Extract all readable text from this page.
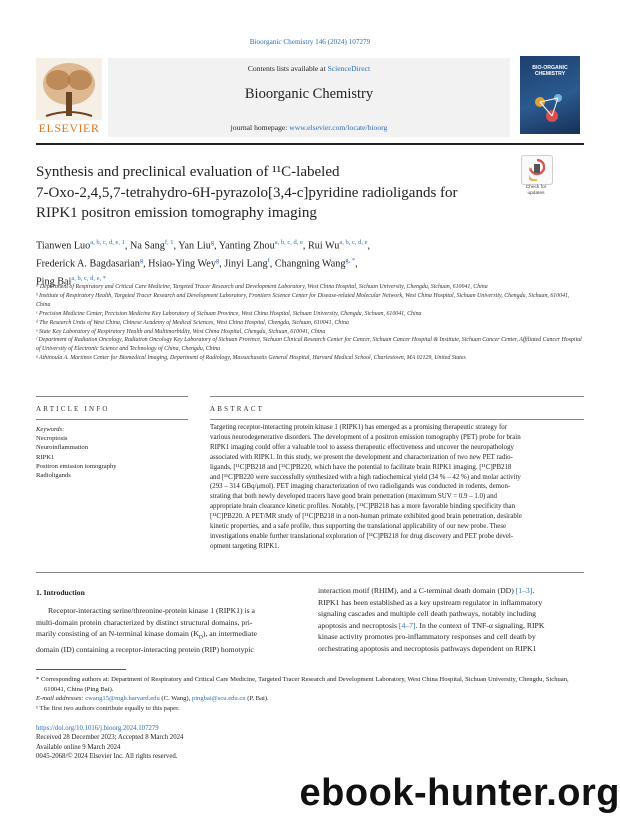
Bioorganic Chemistry 146 (2024) 107279
Contents lists available at ScienceDirect
Bioorganic Chemistry
journal homepage: www.elsevier.com/locate/bioorg
ELSEVIER
BIO-ORGANIC CHEMISTRY
Check for
updates
Synthesis and preclinical evaluation of ¹¹C-labeled
7-Oxo-2,4,5,7-tetrahydro-6H-pyrazolo[3,4-c]pyridine radioligands for
RIPK1 positron emission tomography imaging
Tianwen Luo$^{a, b, c, d, e, 1}$, Na Sang$^{f, 1}$, Yan Liu$^g$, Yanting Zhou$^{a, b, c, d, e}$, Rui Wu$^{a, b, c, d, e}$,
Frederick A. Bagdasarian$^g$, Hsiao-Ying Wey$^g$, Jinyi Lang$^f$, Changning Wang$^{g, *}$,
Ping Bai$^{a, b, c, d, e, *}$
ᵃ Department of Respiratory and Critical Care Medicine, Targeted Tracer Research and Development Laboratory, West China Hospital, Sichuan University, Chengdu, Sichuan, 610041, China
ᵇ Institute of Respiratory Health, Targeted Tracer Research and Development Laboratory, Frontiers Science Center for Disease-related Molecular Network, West China Hospital, Sichuan University, Chengdu, Sichuan, 610041, China
ᶜ Precision Medicine Center, Precision Medicine Key Laboratory of Sichuan Province, West China Hospital, Sichuan University, Chengdu, Sichuan, 610041, China
ᵈ The Research Units of West China, Chinese Academy of Medical Sciences, West China Hospital, Chengdu, Sichuan, 610041, China
ᵉ State Key Laboratory of Respiratory Health and Multimorbidity, West China Hospital, Chengdu, Sichuan, 610041, China
ᶠ Department of Radiation Oncology, Radiation Oncology Key Laboratory of Sichuan Province, Sichuan Clinical Research Center for Cancer, Sichuan Cancer Hospital & Institute, Sichuan Cancer Center, Affiliated Cancer Hospital of University of Electronic Science and Technology of China, Chengdu, China
ᵍ Athinoula A. Martinos Center for Biomedical Imaging, Department of Radiology, Massachusetts General Hospital, Harvard Medical School, Charlestown, MA 02129, United States
ARTICLE INFO	ABSTRACT
Keywords:
Necroptosis
Neuroinflammation
RIPK1
Positron emission tomography
Radioligands
Targeting receptor-interacting protein kinase 1 (RIPK1) has emerged as a promising therapeutic strategy for
various neurodegenerative disorders. The development of a positron emission tomography (PET) probe for brain
RIPK1 imaging could offer a valuable tool to assess therapeutic effectiveness and uncover the neuropathology
associated with RIPK1. In this study, we present the development and characterization of two new PET radio-
ligands, [¹¹C]PB218 and [¹¹C]PB220, which have the potential to facilitate brain RIPK1 imaging. [¹¹C]PB218
and [¹¹C]PB220 were successfully synthesized with a high radiochemical yield (34 % – 42 %) and molar activity
(293 – 314 GBq/μmol). PET imaging characterization of two radioligands was conducted in rodents, demon-
strating that both newly developed tracers have good brain penetration (maximum SUV = 0.9 – 1.0) and
appropriate brain clearance kinetic profiles. Notably, [¹¹C]PB218 has a more favorable binding specificity than
[¹¹C]PB220. A PET/MR study of [¹¹C]PB218 in a non-human primate exhibited good brain penetration, desirable
kinetic properties, and a safe profile, thus supporting the translational applicability of our new probe. These
investigations enable further translational exploration of [¹¹C]PB218 for drug discovery and PET probe devel-
opment targeting RIPK1.
1. Introduction
Receptor-interacting serine/threonine-protein kinase 1 (RIPK1) is a
multi-domain protein characterized by distinct structural domains, pri-
marily consisting of an N-terminal kinase domain $(K_D)$, an intermediate
domain (ID) containing a receptor-interacting protein (RIP) homotypic
interaction motif (RHIM), and a C-terminal death domain (DD) [1–3].
RIPK1 has been established as a key upstream regulator in inflammatory
signaling cascades and multiple cell death pathways, notably including
apoptosis and necroptosis [4–7]. In the context of TNF-α signaling, RIPK
kinase activity promotes pro-inflammatory responses and cell death by
orchestrating apoptosis and necroptosis pathways dependent on RIPK1
* Corresponding authors at: Department of Respiratory and Critical Care Medicine, Targeted Tracer Research and Development Laboratory, West China Hospital, Sichuan University, Chengdu, Sichuan, 610041, China (Ping Bai).
E-mail addresses: cwang15@mgh.harvard.edu (C. Wang), pingbai@scu.edu.cn (P. Bai).
¹ The first two authors contribute equally to this paper.
https://doi.org/10.1016/j.bioorg.2024.107279
Received 28 December 2023; Accepted 8 March 2024
Available online 9 March 2024
0045-2068/© 2024 Elsevier Inc. All rights reserved.
ebook-hunter.org
